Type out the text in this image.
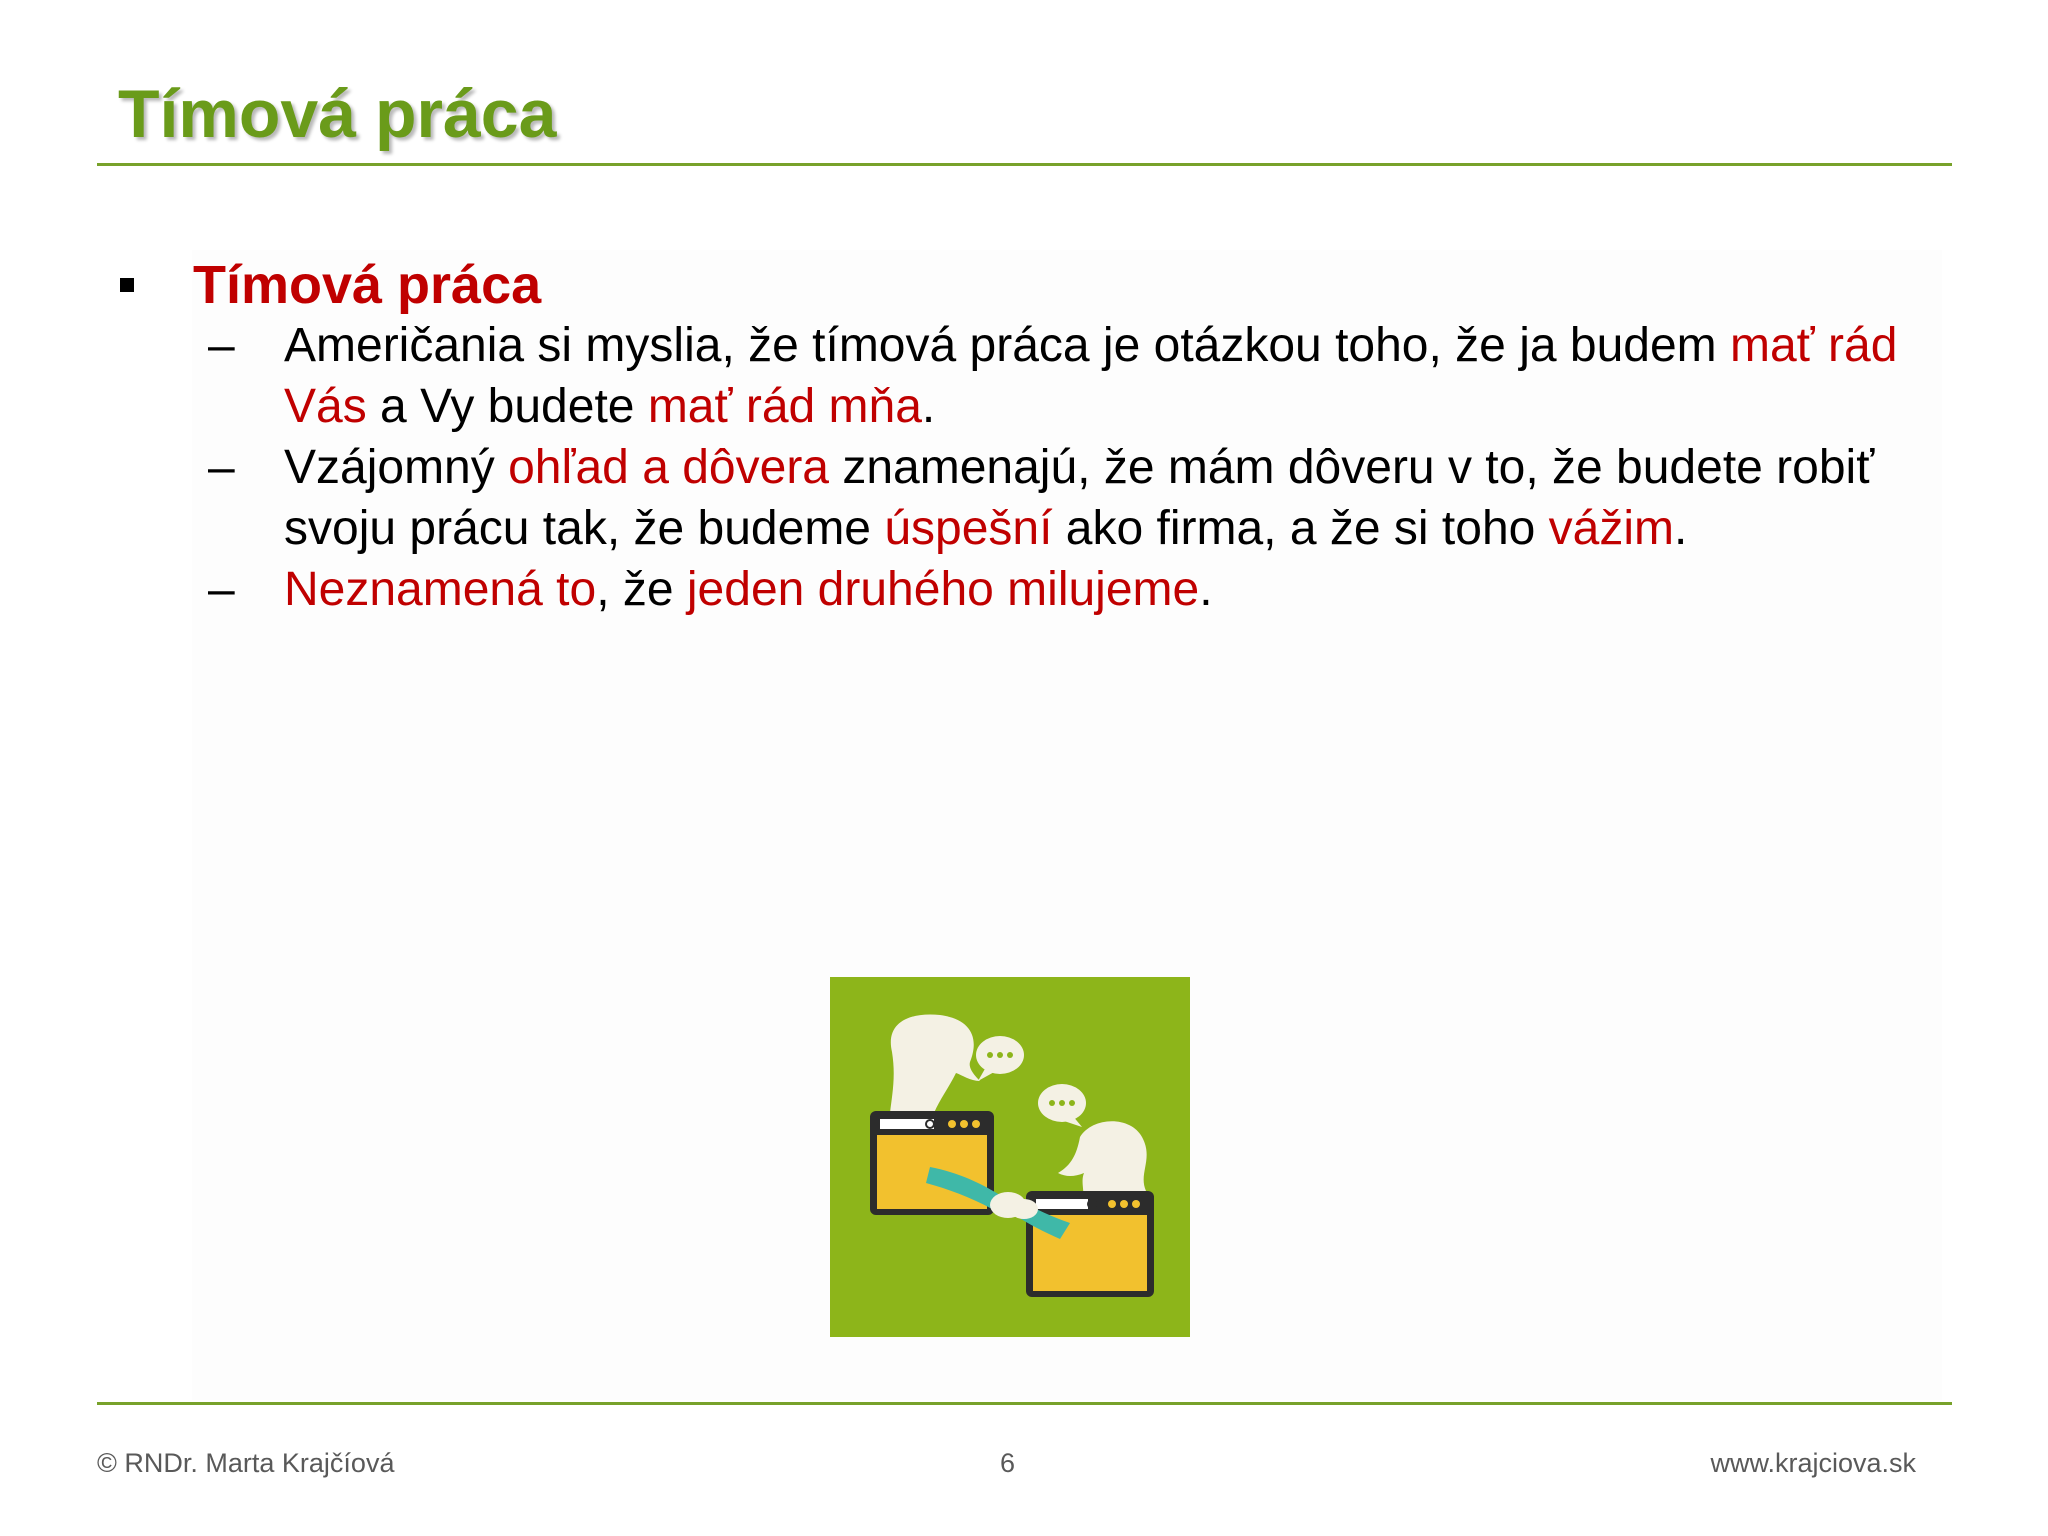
Tímová práca
Tímová práca
–	Američania si myslia, že tímová práca je otázkou toho, že ja budem mať rád Vás a Vy budete mať rád mňa.
–	Vzájomný ohľad a dôvera znamenajú, že mám dôveru v to, že budete robiť svoju prácu tak, že budeme úspešní ako firma, a že si toho vážim.
–	Neznamená to, že jeden druhého milujeme.
© RNDr. Marta Krajčíová	6	www.krajciova.sk
